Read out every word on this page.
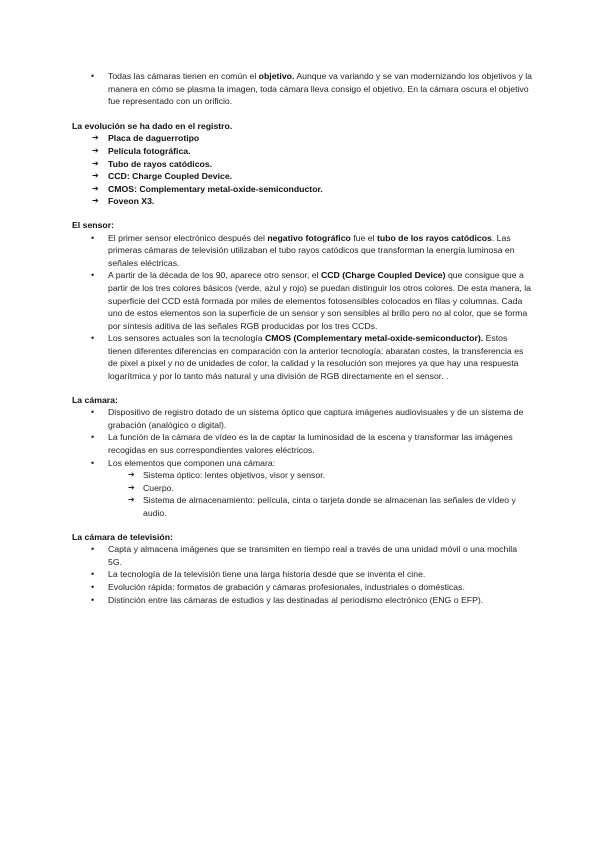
• Todas las cámaras tienen en común el objetivo. Aunque va variando y se van modernizando los objetivos y la manera en cómo se plasma la imagen, toda cámara lleva consigo el objetivo. En la cámara oscura el objetivo fue representado con un orificio.

La evolución se ha dado en el registro.

➔ Placa de daguerrotipo
➔ Película fotográfica.
➔ Tubo de rayos catódicos.
➔ CCD: Charge Coupled Device.
➔ CMOS: Complementary metal-oxide-semiconductor.
➔ Foveon X3.

El sensor:

• El primer sensor electrónico después del negativo fotográfico fue el tubo de los rayos catódicos. Las primeras cámaras de televisión utilizaban el tubo rayos catódicos que transforman la energía luminosa en señales eléctricas.

• A partir de la década de los 90, aparece otro sensor, el CCD (Charge Coupled Device) que consigue que a partir de los tres colores básicos (verde, azul y rojo) se puedan distinguir los otros colores. De esta manera, la superficie del CCD está formada por miles de elementos fotosensibles colocados en filas y columnas. Cada uno de estos elementos son la superficie de un sensor y son sensibles al brillo pero no al color, que se forma por síntesis aditiva de las señales RGB producidas por los tres CCDs.

• Los sensores actuales son la tecnología CMOS (Complementary metal-oxide-semiconductor). Estos tienen diferentes diferencias en comparación con la anterior tecnología: abaratan costes, la transferencia es de pixel a pixel y no de unidades de color, la calidad y la resolución son mejores ya que hay una respuesta logarítmica y por lo tanto más natural y una división de RGB directamente en el sensor. .

La cámara:

• Dispositivo de registro dotado de un sistema óptico que captura imágenes audiovisuales y de un sistema de grabación (analógico o digital).

• La función de la cámara de vídeo es la de captar la luminosidad de la escena y transformar las imágenes recogidas en sus correspondientes valores eléctricos.

• Los elementos que componen una cámara:

➔ Sistema óptico: lentes objetivos, visor y sensor.

➔ Cuerpo.

➔ Sistema de almacenamiento: película, cinta o tarjeta donde se almacenan las señales de vídeo y audio.

La cámara de televisión:

• Capta y almacena imágenes que se transmiten en tiempo real a través de una unidad móvil o una mochila 5G.

• La tecnología de la televisión tiene una larga historia desde que se inventa el cine.

• Evolución rápida: formatos de grabación y cámaras profesionales, industriales o domésticas.

• Distinción entre las cámaras de estudios y las destinadas al periodismo electrónico (ENG o EFP).
